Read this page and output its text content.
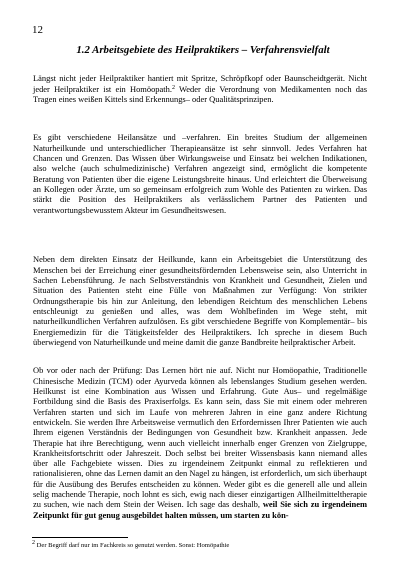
12
1.2 Arbeitsgebiete des Heilpraktikers – Verfahrensvielfalt

Längst nicht jeder Heilpraktiker hantiert mit Spritze, Schröpfkopf oder Baunscheidtgerät. Nicht jeder Heilpraktiker ist ein Homöopath.$^2$ Weder die Verordnung von Medikamenten noch das Tragen eines weißen Kittels sind Erkennungs– oder Qualitätsprinzipen.

Es gibt verschiedene Heilansätze und –verfahren. Ein breites Studium der allgemeinen Naturheilkunde und unterschiedlicher Therapieansätze ist sehr sinnvoll. Jedes Verfahren hat Chancen und Grenzen. Das Wissen über Wirkungsweise und Einsatz bei welchen Indikationen, also welche (auch schulmedizinische) Verfahren angezeigt sind, ermöglicht die kompetente Beratung von Patienten über die eigene Leistungsbreite hinaus. Und erleichtert die Überweisung an Kollegen oder Ärzte, um so gemeinsam erfolgreich zum Wohle des Patienten zu wirken. Das stärkt die Position des Heilpraktikers als verlässlichem Partner des Patienten und verantwortungsbewusstem Akteur im Gesundheitswesen.

Neben dem direkten Einsatz der Heilkunde, kann ein Arbeitsgebiet die Unterstützung des Menschen bei der Erreichung einer gesundheitsfördernden Lebensweise sein, also Unterricht in Sachen Lebensführung. Je nach Selbstverständnis von Krankheit und Gesundheit, Zielen und Situation des Patienten steht eine Fülle von Maßnahmen zur Verfügung: Von strikter Ordnungstherapie bis hin zur Anleitung, den lebendigen Reichtum des menschlichen Lebens entschleunigt zu genießen und alles, was dem Wohlbefinden im Wege steht, mit naturheilkundlichen Verfahren aufzulösen. Es gibt verschiedene Begriffe von Komplementär– bis Energiemedizin für die Tätigkeitsfelder des Heilpraktikers. Ich spreche in diesem Buch überwiegend von Naturheilkunde und meine damit die ganze Bandbreite heilpraktischer Arbeit.

Ob vor oder nach der Prüfung: Das Lernen hört nie auf. Nicht nur Homöopathie, Traditionelle Chinesische Medizin (TCM) oder Ayurveda können als lebenslanges Studium gesehen werden. Heilkunst ist eine Kombination aus Wissen und Erfahrung. Gute Aus– und regelmäßige Fortbildung sind die Basis des Praxiserfolgs. Es kann sein, dass Sie mit einem oder mehreren Verfahren starten und sich im Laufe von mehreren Jahren in eine ganz andere Richtung entwickeln. Sie werden Ihre Arbeitsweise vermutlich den Erfordernissen Ihrer Patienten wie auch Ihrem eigenen Verständnis der Bedingungen von Gesundheit bzw. Krankheit anpassen. Jede Therapie hat ihre Berechtigung, wenn auch vielleicht innerhalb enger Grenzen von Zielgruppe, Krankheitsfortschritt oder Jahreszeit. Doch selbst bei breiter Wissensbasis kann niemand alles über alle Fachgebiete wissen. Dies zu irgendeinem Zeitpunkt einmal zu reflektieren und rationalisieren, ohne das Lernen damit an den Nagel zu hängen, ist erforderlich, um sich überhaupt für die Ausübung des Berufes entscheiden zu können. Weder gibt es die generell alle und allein selig machende Therapie, noch lohnt es sich, ewig nach dieser einzigartigen Allheilmitteltherapie zu suchen, wie nach dem Stein der Weisen. Ich sage das deshalb, weil Sie sich zu irgendeinem Zeitpunkt für gut genug ausgebildet halten müssen, um starten zu kön-

$^2$ Der Begriff darf nur im Fachkreis so genutzt werden. Sonst: Homöpathie
